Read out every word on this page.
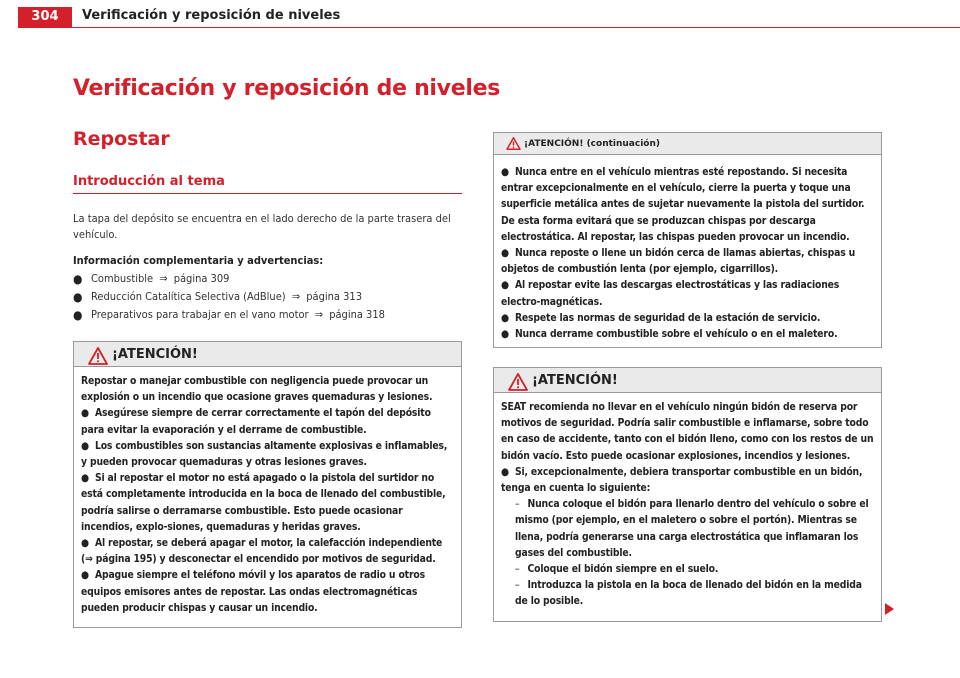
304	Verificación y reposición de niveles
Verificación y reposición de niveles
Repostar
Introducción al tema

La tapa del depósito se encuentra en el lado derecho de la parte trasera del vehículo.

Información complementaria y advertencias:
● Combustible ⇒ página 309
● Reducción Catalítica Selectiva (AdBlue) ⇒ página 313
● Preparativos para trabajar en el vano motor ⇒ página 318
¡ATENCIÓN!

Repostar o manejar combustible con negligencia puede provocar un explosión o un incendio que ocasione graves quemaduras y lesiones.

● Asegúrese siempre de cerrar correctamente el tapón del depósito para evitar la evaporación y el derrame de combustible.

● Los combustibles son sustancias altamente explosivas e inflamables, y pueden provocar quemaduras y otras lesiones graves.

● Si al repostar el motor no está apagado o la pistola del surtidor no está completamente introducida en la boca de llenado del combustible, podría salirse o derramarse combustible. Esto puede ocasionar incendios, explo-siones, quemaduras y heridas graves.

● Al repostar, se deberá apagar el motor, la calefacción independiente (⇒ página 195) y desconectar el encendido por motivos de seguridad.

● Apague siempre el teléfono móvil y los aparatos de radio u otros equipos emisores antes de repostar. Las ondas electromagnéticas pueden producir chispas y causar un incendio.

¡ATENCIÓN! (continuación)

● Nunca entre en el vehículo mientras esté repostando. Si necesita entrar excepcionalmente en el vehículo, cierre la puerta y toque una superficie metálica antes de sujetar nuevamente la pistola del surtidor. De esta forma evitará que se produzcan chispas por descarga electrostática. Al repostar, las chispas pueden provocar un incendio.

● Nunca reposte o llene un bidón cerca de llamas abiertas, chispas u objetos de combustión lenta (por ejemplo, cigarrillos).

● Al repostar evite las descargas electrostáticas y las radiaciones electro-magnéticas.

● Respete las normas de seguridad de la estación de servicio.

● Nunca derrame combustible sobre el vehículo o en el maletero.

¡ATENCIÓN!

SEAT recomienda no llevar en el vehículo ningún bidón de reserva por motivos de seguridad. Podría salir combustible e inflamarse, sobre todo en caso de accidente, tanto con el bidón lleno, como con los restos de un bidón vacío. Esto puede ocasionar explosiones, incendios y lesiones.

● Si, excepcionalmente, debiera transportar combustible en un bidón, tenga en cuenta lo siguiente:

– Nunca coloque el bidón para llenarlo dentro del vehículo o sobre el mismo (por ejemplo, en el maletero o sobre el portón). Mientras se llena, podría generarse una carga electrostática que inflamaran los gases del combustible.

– Coloque el bidón siempre en el suelo.

– Introduzca la pistola en la boca de llenado del bidón en la medida de lo posible.
